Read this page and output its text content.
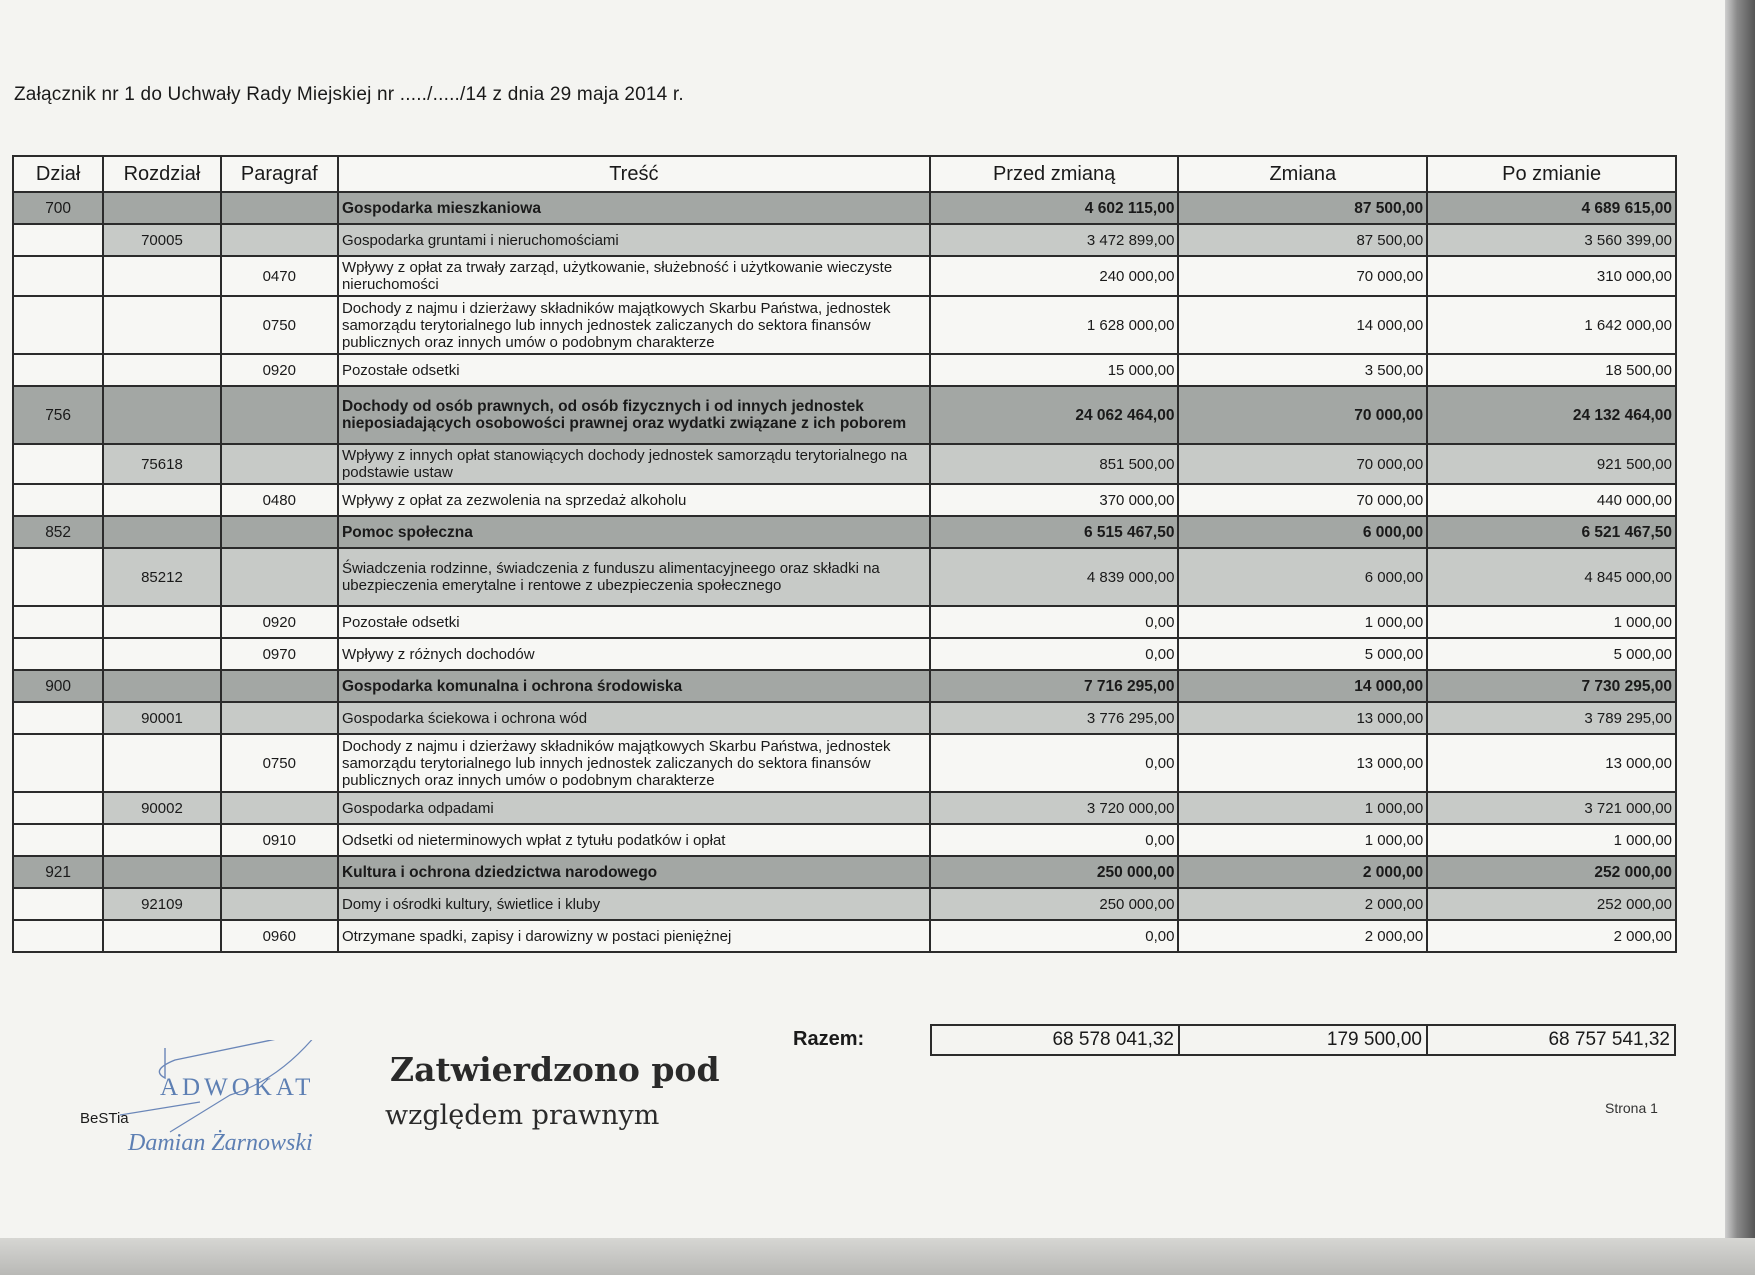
Załącznik nr 1 do Uchwały Rady Miejskiej nr ...../...../14 z dnia 29 maja 2014 r.
Dział	Rozdział	Paragraf	Treść	Przed zmianą	Zmiana	Po zmianie
700			Gospodarka mieszkaniowa	4 602 115,00	87 500,00	4 689 615,00
	70005		Gospodarka gruntami i nieruchomościami	3 472 899,00	87 500,00	3 560 399,00
		0470	Wpływy z opłat za trwały zarząd, użytkowanie, służebność i użytkowanie wieczyste nieruchomości	240 000,00	70 000,00	310 000,00
		0750	Dochody z najmu i dzierżawy składników majątkowych Skarbu Państwa, jednostek samorządu terytorialnego lub innych jednostek zaliczanych do sektora finansów publicznych oraz innych umów o podobnym charakterze	1 628 000,00	14 000,00	1 642 000,00
		0920	Pozostałe odsetki	15 000,00	3 500,00	18 500,00
756			Dochody od osób prawnych, od osób fizycznych i od innych jednostek nieposiadających osobowości prawnej oraz wydatki związane z ich poborem	24 062 464,00	70 000,00	24 132 464,00
	75618		Wpływy z innych opłat stanowiących dochody jednostek samorządu terytorialnego na podstawie ustaw	851 500,00	70 000,00	921 500,00
		0480	Wpływy z opłat za zezwolenia na sprzedaż alkoholu	370 000,00	70 000,00	440 000,00
852			Pomoc społeczna	6 515 467,50	6 000,00	6 521 467,50
	85212		Świadczenia rodzinne, świadczenia z funduszu alimentacyjneego oraz składki na ubezpieczenia emerytalne i rentowe z ubezpieczenia społecznego	4 839 000,00	6 000,00	4 845 000,00
		0920	Pozostałe odsetki	0,00	1 000,00	1 000,00
		0970	Wpływy z różnych dochodów	0,00	5 000,00	5 000,00
900			Gospodarka komunalna i ochrona środowiska	7 716 295,00	14 000,00	7 730 295,00
	90001		Gospodarka ściekowa i ochrona wód	3 776 295,00	13 000,00	3 789 295,00
		0750	Dochody z najmu i dzierżawy składników majątkowych Skarbu Państwa, jednostek samorządu terytorialnego lub innych jednostek zaliczanych do sektora finansów publicznych oraz innych umów o podobnym charakterze	0,00	13 000,00	13 000,00
	90002		Gospodarka odpadami	3 720 000,00	1 000,00	3 721 000,00
		0910	Odsetki od nieterminowych wpłat z tytułu podatków i opłat	0,00	1 000,00	1 000,00
921			Kultura i ochrona dziedzictwa narodowego	250 000,00	2 000,00	252 000,00
	92109		Domy i ośrodki kultury, świetlice i kluby	250 000,00	2 000,00	252 000,00
		0960	Otrzymane spadki, zapisy i darowizny w postaci pieniężnej	0,00	2 000,00	2 000,00
Razem:	68 578 041,32	179 500,00	68 757 541,32
ADWOKAT
Damian Żarnowski
BeSTia
Zatwierdzono pod
względem prawnym	Strona 1
